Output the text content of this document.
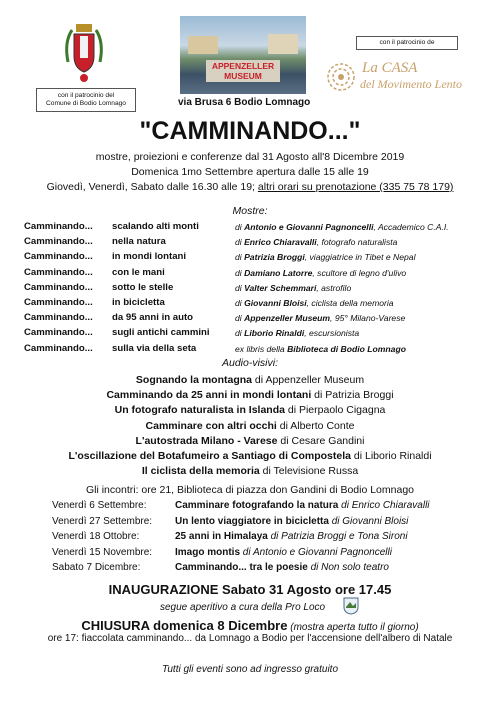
con il patrocinio del
Comune di Bodio Lomnago
APPENZELLER
MUSEUM
via Brusa 6 Bodio Lomnago
con il patrocinio de
La CASA
del Movimento Lento
"CAMMINANDO..."
mostre, proiezioni e conferenze dal 31 Agosto all'8 Dicembre 2019
Domenica 1mo Settembre apertura dalle 15 alle 19
Giovedì, Venerdì, Sabato dalle 16.30 alle 19; altri orari su prenotazione (335 75 78 179)
Mostre:
Camminando... scalando alti monti	di Antonio e Giovanni Pagnoncelli, Accademico C.A.I.
Camminando... nella natura	di Enrico Chiaravalli, fotografo naturalista
Camminando... in mondi lontani	di Patrizia Broggi, viaggiatrice in Tibet e Nepal
Camminando... con le mani	di Damiano Latorre, scultore di legno d'ulivo
Camminando... sotto le stelle	di Valter Schemmari, astrofilo
Camminando... in bicicletta	di Giovanni Bloisi, ciclista della memoria
Camminando... da 95 anni in auto	di Appenzeller Museum, 95° Milano-Varese
Camminando... sugli antichi cammini	di Liborio Rinaldi, escursionista
Camminando... sulla via della seta	ex libris della Biblioteca di Bodio Lomnago
Audio-visivi:
Sognando la montagna di Appenzeller Museum
Camminando da 25 anni in mondi lontani di Patrizia Broggi
Un fotografo naturalista in Islanda di Pierpaolo Cigagna
Camminare con altri occhi di Alberto Conte
L'autostrada Milano - Varese di Cesare Gandini
L'oscillazione del Botafumeiro a Santiago di Compostela di Liborio Rinaldi
Il ciclista della memoria di Televisione Russa
Gli incontri: ore 21, Biblioteca di piazza don Gandini di Bodio Lomnago
Venerdì 6 Settembre:	Camminare fotografando la natura di Enrico Chiaravalli
Venerdì 27 Settembre: Un lento viaggiatore in bicicletta di Giovanni Bloisi
Venerdì 18 Ottobre:	25 anni in Himalaya di Patrizia Broggi e Tona Sironi
Venerdì 15 Novembre: Imago montis di Antonio e Giovanni Pagnoncelli
Sabato 7 Dicembre:	Camminando... tra le poesie di Non solo teatro
INAUGURAZIONE Sabato 31 Agosto ore 17.45
segue aperitivo a cura della Pro Loco
CHIUSURA domenica 8 Dicembre (mostra aperta tutto il giorno)
ore 17: fiaccolata camminando... da Lomnago a Bodio per l'accensione dell'albero di Natale
Tutti gli eventi sono ad ingresso gratuito
